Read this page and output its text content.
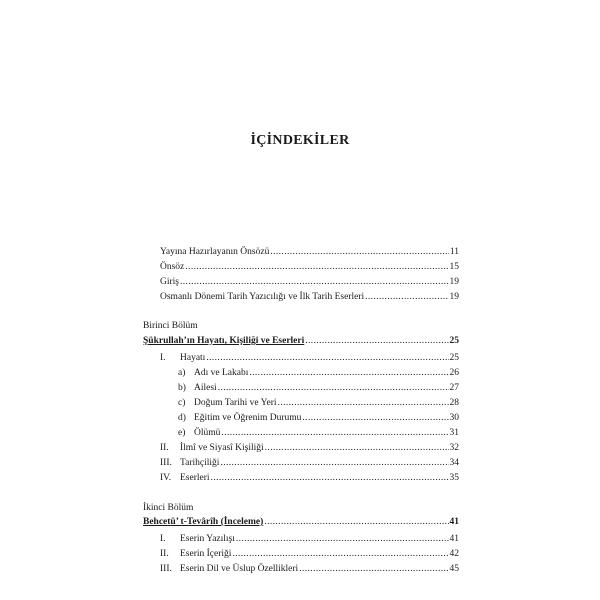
İÇİNDEKİLER
Yayına Hazırlayanın Önsözü .....	11
Önsöz .....	15
Giriş .....	19
Osmanlı Dönemi Tarih Yazıcılığı ve İlk Tarih Eserleri .....	19
Birinci Bölüm
Şükrullah’ın Hayatı, Kişiliği ve Eserleri .....	25
I.	Hayatı .....	25
a) Adı ve Lakabı .....	26
b) Ailesi .....	27
c) Doğum Tarihi ve Yeri .....	28
d) Eğitim ve Öğrenim Durumu .....	30
e) Ölümü .....	31
II.	İlmî ve Siyasî Kişiliği .....	32
III. Tarihçiliği .....	34
IV. Eserleri .....	35
İkinci Bölüm
Behcetü’ t-Tevârîh (İnceleme) .....	41
I.	Eserin Yazılışı .....	41
II.	Eserin İçeriği .....	42
III. Eserin Dil ve Üslup Özellikleri .....	45
